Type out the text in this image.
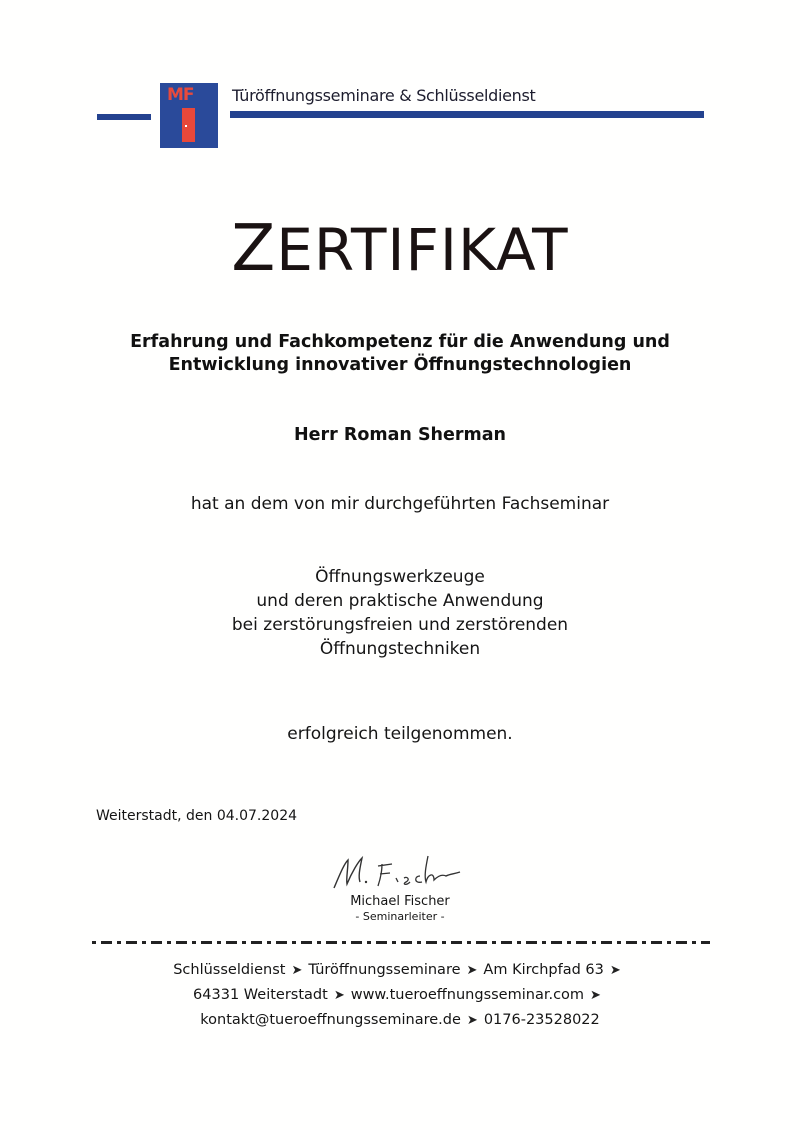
MF Türöffnungsseminare & Schlüsseldienst
ZERTIFIKAT
Erfahrung und Fachkompetenz für die Anwendung und
Entwicklung innovativer Öffnungstechnologien
Herr Roman Sherman
hat an dem von mir durchgeführten Fachseminar
Öffnungswerkzeuge
und deren praktische Anwendung
bei zerstörungsfreien und zerstörenden
Öffnungstechniken
erfolgreich teilgenommen.
Weiterstadt, den 04.07.2024
Michael Fischer
- Seminarleiter -
Schlüsseldienst ➤ Türöffnungsseminare ➤ Am Kirchpfad 63 ➤
64331 Weiterstadt ➤ www.tueroeffnungsseminar.com ➤
kontakt@tueroeffnungsseminare.de ➤ 0176-23528022
